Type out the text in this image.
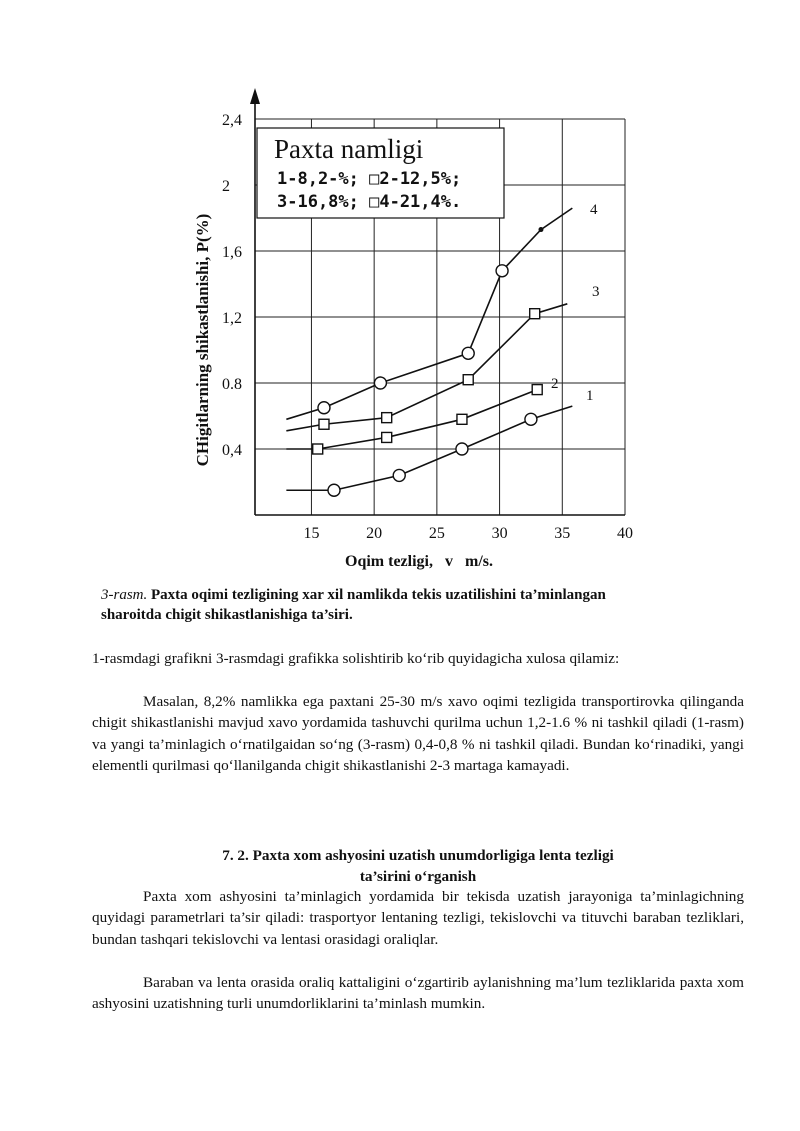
2,4
2
1,6
1,2
0.8
0,4
15	20	25	30	35	40
Paxta namligi
1-8,2-%; □2-12,5%;
3-16,8%; □4-21,4%.
1
2
3
4
CHigitlarning shikastlanishi, P(%)
Oqim tezligi,   v   m/s.
3-rasm. Paxta oqimi tezligining xar xil namlikda tekis uzatilishini ta’minlangan sharoitda chigit shikastlanishiga ta’siri.

1-rasmdagi grafikni 3-rasmdagi grafikka solishtirib ko‘rib quyidagicha xulosa qilamiz:

Masalan, 8,2% namlikka ega paxtani 25-30 m/s xavo oqimi tezligida transportirovka qilinganda chigit shikastlanishi mavjud xavo yordamida tashuvchi qurilma uchun 1,2-1.6 % ni tashkil qiladi (1-rasm) va yangi ta’minlagich o‘rnatilgaidan so‘ng (3-rasm) 0,4-0,8 % ni tashkil qiladi. Bundan ko‘rinadiki, yangi elementli qurilmasi qo‘llanilganda chigit shikastlanishi 2-3 martaga kamayadi.

7. 2. Paxta xom ashyosini uzatish unumdorligiga lenta tezligi
ta’sirini o‘rganish

Paxta xom ashyosini ta’minlagich yordamida bir tekisda uzatish jarayoniga ta’minlagichning quyidagi parametrlari ta’sir qiladi: trasportyor lentaning tezligi, tekislovchi va tituvchi baraban tezliklari, bundan tashqari tekislovchi va lentasi orasidagi oraliqlar.

Baraban va lenta orasida oraliq kattaligini o‘zgartirib aylanishning ma’lum tezliklarida paxta xom ashyosini uzatishning turli unumdorliklarini ta’minlash mumkin.
